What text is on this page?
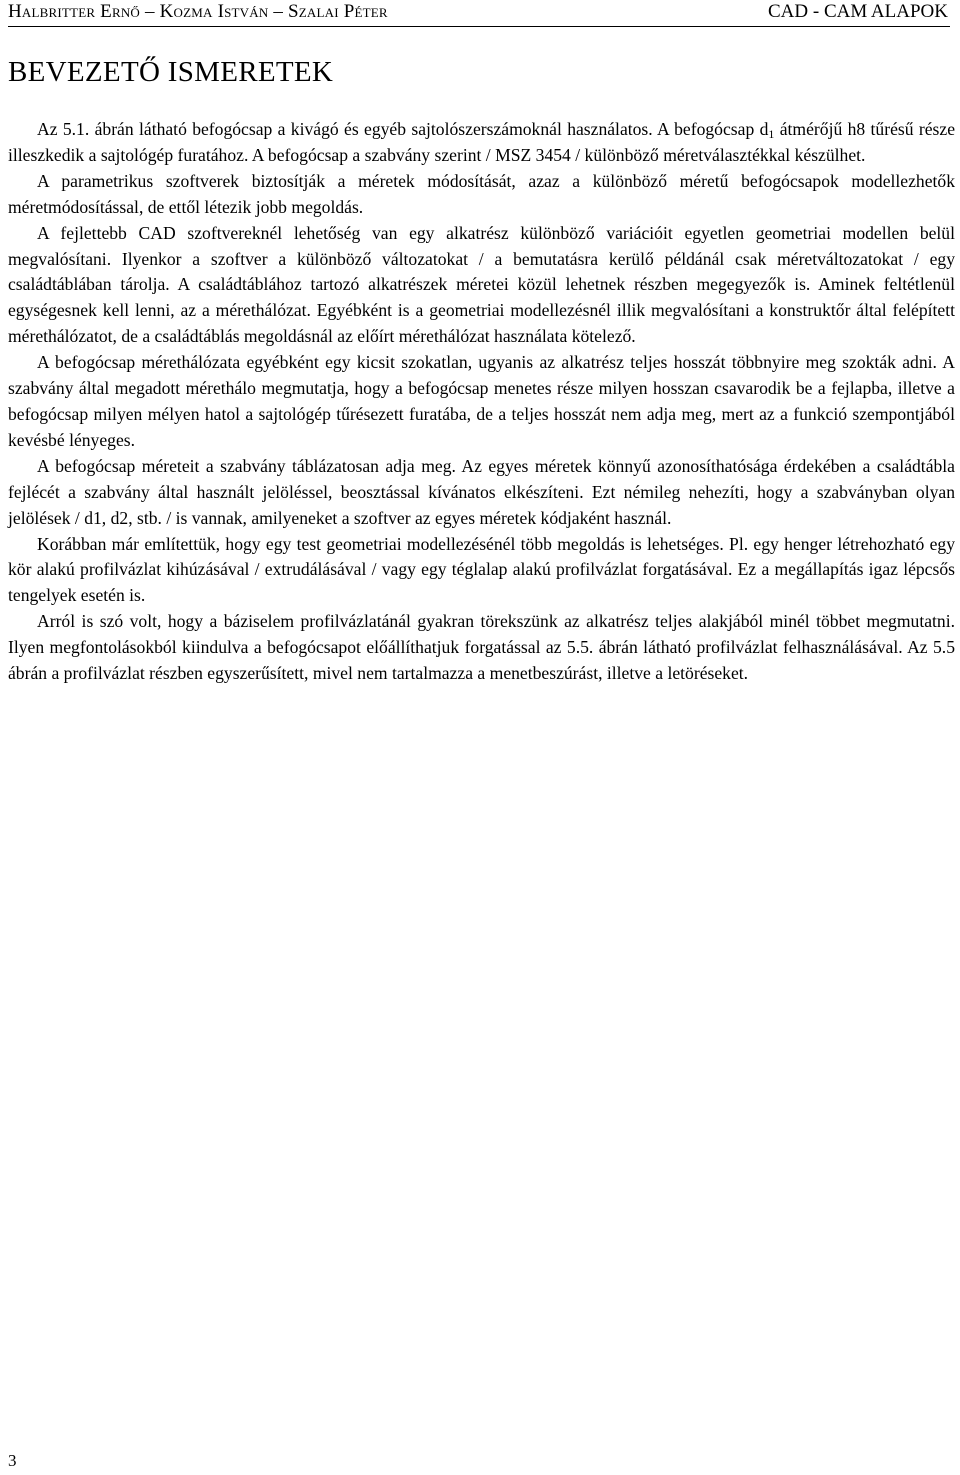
Halbritter Ernő – Kozma István – Szalai Péter	CAD - CAM ALAPOK
BEVEZETŐ ISMERETEK

Az 5.1. ábrán látható befogócsap a kivágó és egyéb sajtolószerszámoknál használatos. A befogócsap $d_1$ átmérőjű h8 tűrésű része illeszkedik a sajtológép furatához. A befogócsap a szabvány szerint / MSZ 3454 / különböző méretválasztékkal készülhet.

A parametrikus szoftverek biztosítják a méretek módosítását, azaz a különböző méretű befogócsapok modellezhetők méretmódosítással, de ettől létezik jobb megoldás.

A fejlettebb CAD szoftvereknél lehetőség van egy alkatrész különböző variációit egyetlen geometriai modellen belül megvalósítani. Ilyenkor a szoftver a különböző változatokat / a bemutatásra kerülő példánál csak méretváltozatokat / egy családtáblában tárolja. A családtáblához tartozó alkatrészek méretei közül lehetnek részben megegyezők is. Aminek feltétlenül egységesnek kell lenni, az a mérethálózat. Egyébként is a geometriai modellezésnél illik megvalósítani a konstruktőr által felépített mérethálózatot, de a családtáblás megoldásnál az előírt mérethálózat használata kötelező.

A befogócsap mérethálózata egyébként egy kicsit szokatlan, ugyanis az alkatrész teljes hosszát többnyire meg szokták adni. A szabvány által megadott mérethálo megmutatja, hogy a befogócsap menetes része milyen hosszan csavarodik be a fejlapba, illetve a befogócsap milyen mélyen hatol a sajtológép tűrésezett furatába, de a teljes hosszát nem adja meg, mert az a funkció szempontjából kevésbé lényeges.

A befogócsap méreteit a szabvány táblázatosan adja meg. Az egyes méretek könnyű azonosíthatósága érdekében a családtábla fejlécét a szabvány által használt jelöléssel, beosztással kívánatos elkészíteni. Ezt némileg nehezíti, hogy a szabványban olyan jelölések / d1, d2, stb. / is vannak, amilyeneket a szoftver az egyes méretek kódjaként használ.

Korábban már említettük, hogy egy test geometriai modellezésénél több megoldás is lehetséges. Pl. egy henger létrehozható egy kör alakú profilvázlat kihúzásával / extrudálásával / vagy egy téglalap alakú profilvázlat forgatásával. Ez a megállapítás igaz lépcsős tengelyek esetén is.

Arról is szó volt, hogy a báziselem profilvázlatánál gyakran törekszünk az alkatrész teljes alakjából minél többet megmutatni. Ilyen megfontolásokból kiindulva a befogócsapot előállíthatjuk forgatással az 5.5. ábrán látható profilvázlat felhasználásával. Az 5.5 ábrán a profilvázlat részben egyszerűsített, mivel nem tartalmazza a menetbeszúrást, illetve a letöréseket.

3
